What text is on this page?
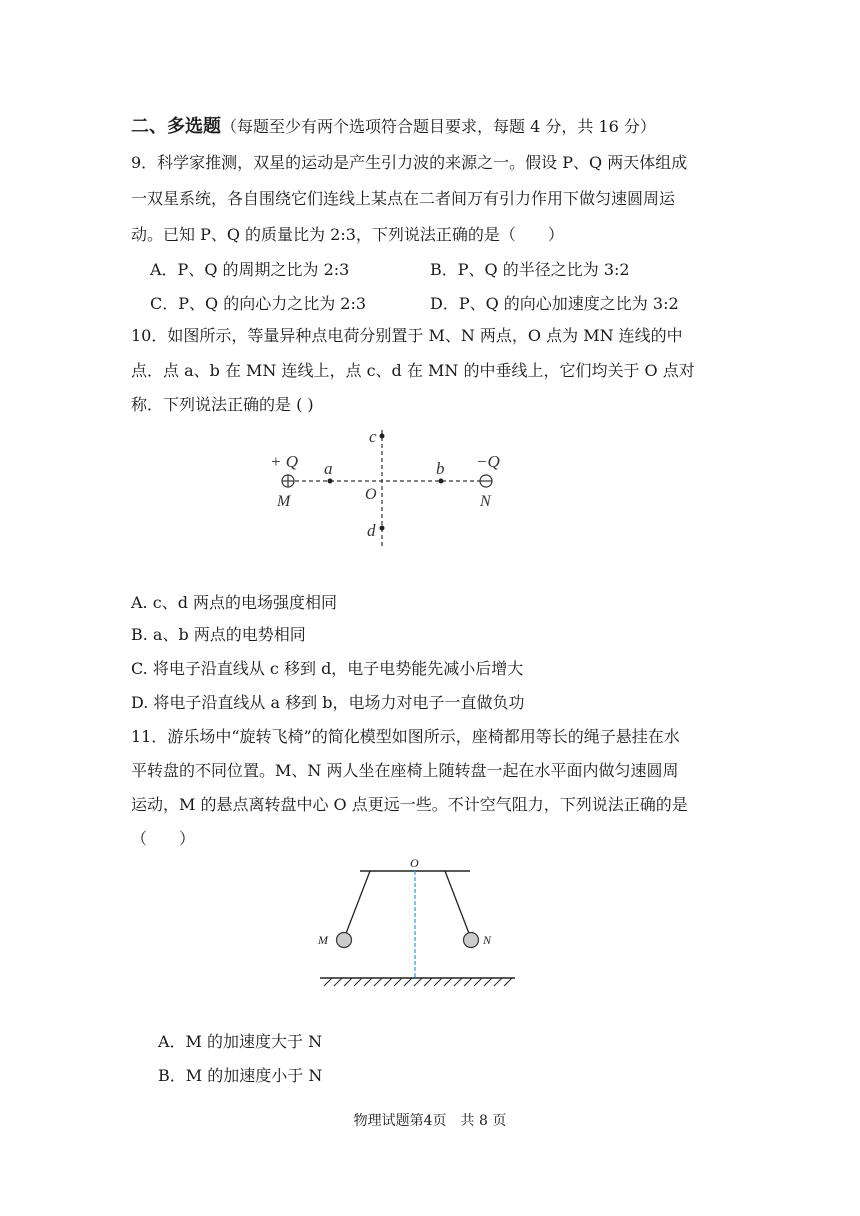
二、多选题（每题至少有两个选项符合题目要求，每题 4 分，共 16 分）
9．科学家推测，双星的运动是产生引力波的来源之一。假设 P、Q 两天体组成
一双星系统，各自围绕它们连线上某点在二者间万有引力作用下做匀速圆周运
动。已知 P、Q 的质量比为 2:3，下列说法正确的是（　　）
A．P、Q 的周期之比为 2:3	B．P、Q 的半径之比为 3:2
C．P、Q 的向心力之比为 2:3	D．P、Q 的向心加速度之比为 3:2
10．如图所示，等量异种点电荷分别置于 M、N 两点，O 点为 MN 连线的中
点．点 a、b 在 MN 连线上，点 c、d 在 MN 的中垂线上，它们均关于 O 点对
称．下列说法正确的是 ( )
+ Q	−Q
M	N
a	b
O
c
d
A. c、d 两点的电场强度相同
B. a、b 两点的电势相同
C. 将电子沿直线从 c 移到 d，电子电势能先减小后增大
D. 将电子沿直线从 a 移到 b，电场力对电子一直做负功
11．游乐场中“旋转飞椅”的简化模型如图所示，座椅都用等长的绳子悬挂在水
平转盘的不同位置。M、N 两人坐在座椅上随转盘一起在水平面内做匀速圆周
运动，M 的悬点离转盘中心 O 点更远一些。不计空气阻力，下列说法正确的是
（　　）
O
M	N
A．M 的加速度大于 N
B．M 的加速度小于 N
物理试题第4页　共 8 页
